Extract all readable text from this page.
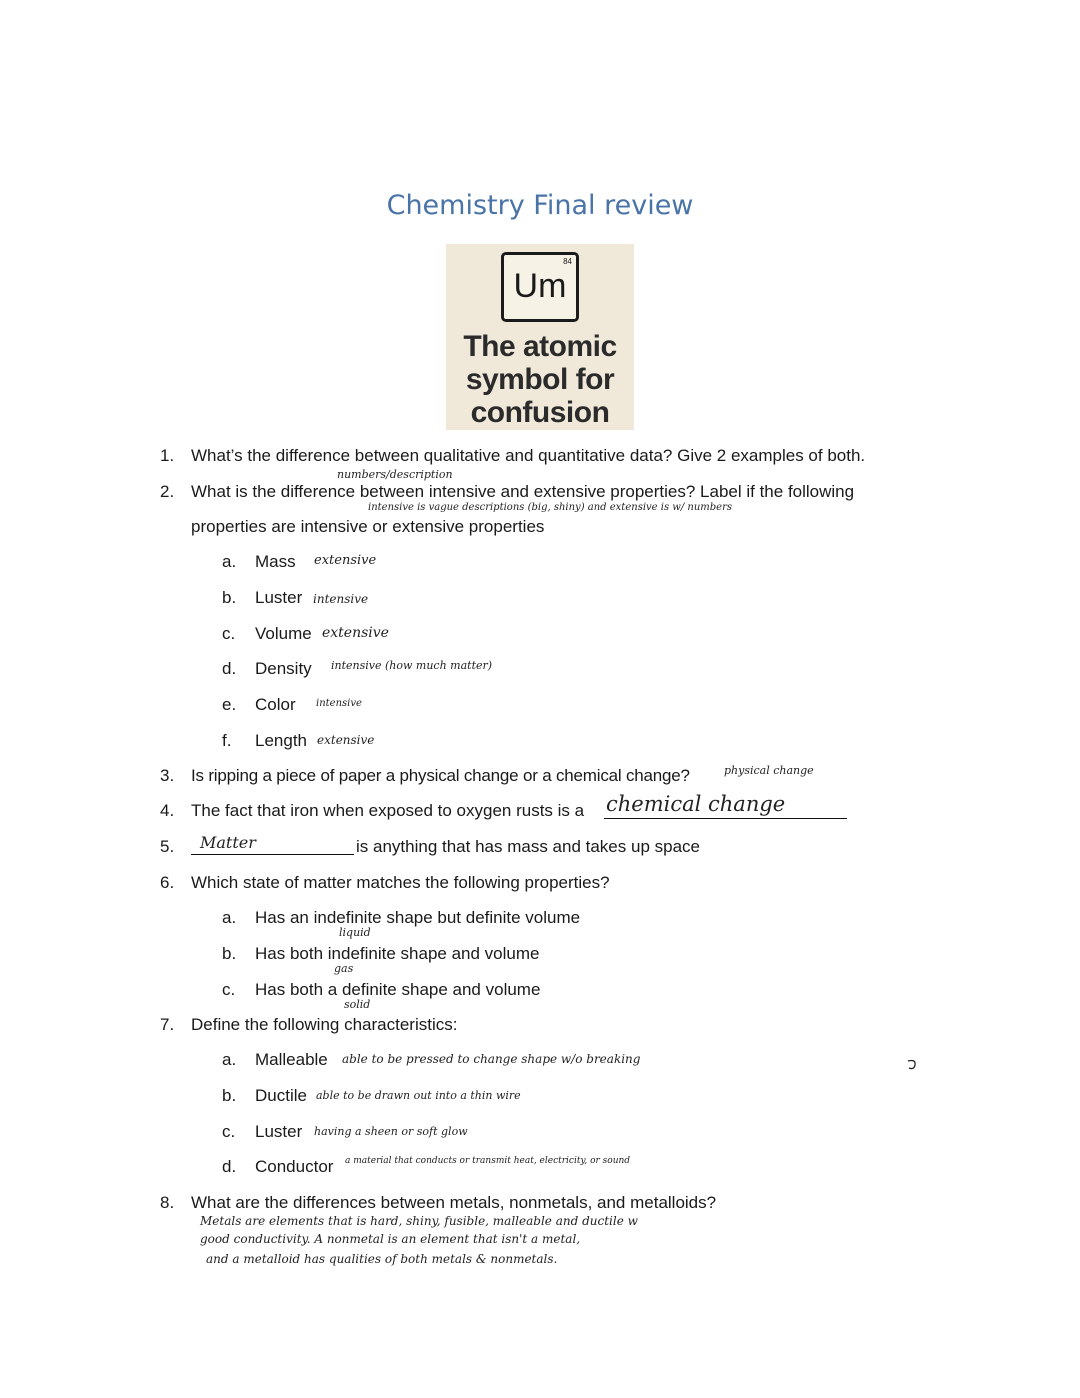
Chemistry Final review
84
Um
The atomic
symbol for
confusion
1. What’s the difference between qualitative and quantitative data? Give 2 examples of both.
numbers/description
2. What is the difference between intensive and extensive properties? Label if the following
intensive is vague descriptions (big, shiny) and extensive is w/ numbers
properties are intensive or extensive properties
a. Mass extensive
b. Luster intensive
c. Volume extensive
d. Density intensive (how much matter)
e. Color intensive
f. Length extensive
3. Is ripping a piece of paper a physical change or a chemical change?	physical change
4. The fact that iron when exposed to oxygen rusts is a chemical change
5. Matter	is anything that has mass and takes up space
6. Which state of matter matches the following properties?
a. Has an indefinite shape but definite volume
liquid
b. Has both indefinite shape and volume
gas
c. Has both a definite shape and volume
solid
7. Define the following characteristics:
a. Malleable able to be pressed to change shape w/o breaking
b. Ductile able to be drawn out into a thin wire
c. Luster having a sheen or soft glow
d. Conductor a material that conducts or transmit heat, electricity, or sound
8. What are the differences between metals, nonmetals, and metalloids?
Metals are elements that is hard, shiny, fusible, malleable and ductile w
good conductivity. A nonmetal is an element that isn't a metal,
and a metalloid has qualities of both metals & nonmetals.
